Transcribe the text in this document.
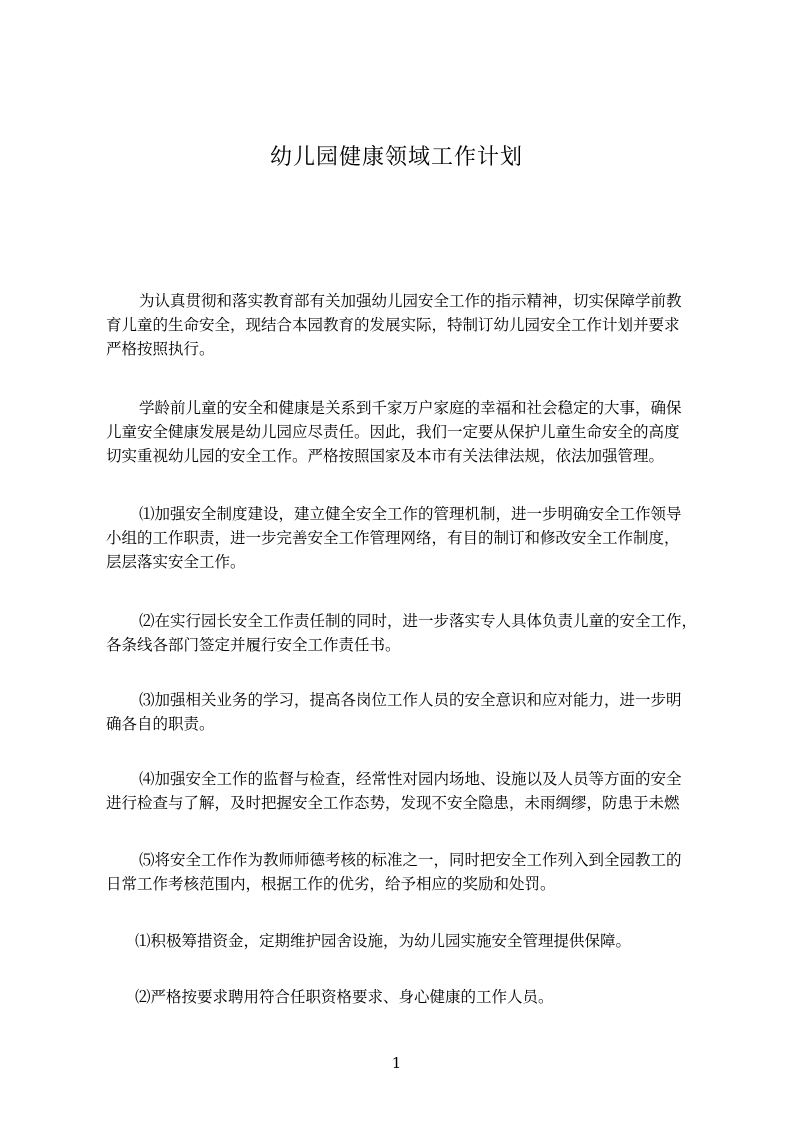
幼儿园健康领域工作计划
为认真贯彻和落实教育部有关加强幼儿园安全工作的指示精神，切实保障学前教
育儿童的生命安全，现结合本园教育的发展实际，特制订幼儿园安全工作计划并要求
严格按照执行。
学龄前儿童的安全和健康是关系到千家万户家庭的幸福和社会稳定的大事，确保
儿童安全健康发展是幼儿园应尽责任。因此，我们一定要从保护儿童生命安全的高度
切实重视幼儿园的安全工作。严格按照国家及本市有关法律法规，依法加强管理。
⑴加强安全制度建设，建立健全安全工作的管理机制，进一步明确安全工作领导
小组的工作职责，进一步完善安全工作管理网络，有目的制订和修改安全工作制度，
层层落实安全工作。
⑵在实行园长安全工作责任制的同时，进一步落实专人具体负责儿童的安全工作，
各条线各部门签定并履行安全工作责任书。
⑶加强相关业务的学习，提高各岗位工作人员的安全意识和应对能力，进一步明
确各自的职责。
⑷加强安全工作的监督与检查，经常性对园内场地、设施以及人员等方面的安全
进行检查与了解，及时把握安全工作态势，发现不安全隐患，未雨绸缪，防患于未燃
⑸将安全工作作为教师师德考核的标准之一，同时把安全工作列入到全园教工的
日常工作考核范围内，根据工作的优劣，给予相应的奖励和处罚。
⑴积极筹措资金，定期维护园舍设施，为幼儿园实施安全管理提供保障。
⑵严格按要求聘用符合任职资格要求、身心健康的工作人员。
1
